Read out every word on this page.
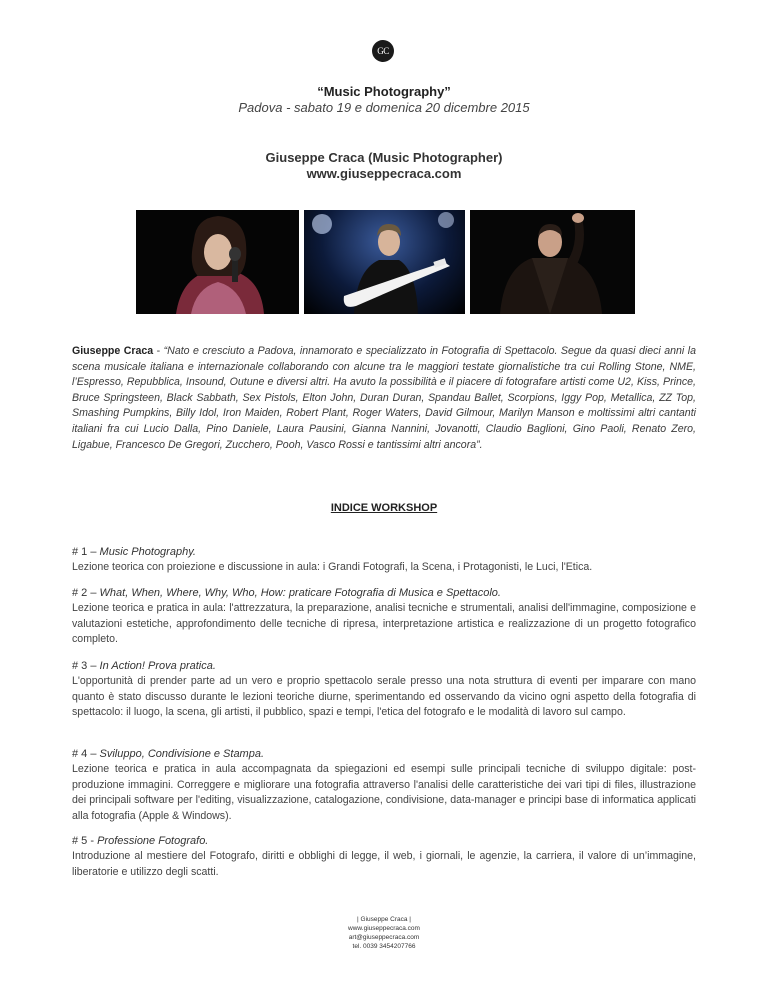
GC
“Music Photography”
Padova - sabato 19 e domenica 20 dicembre 2015
Giuseppe Craca (Music Photographer)
www.giuseppecraca.com
Giuseppe Craca - “Nato e cresciuto a Padova, innamorato e specializzato in Fotografia di Spettacolo. Segue da quasi dieci anni la scena musicale italiana e internazionale collaborando con alcune tra le maggiori testate giornalistiche tra cui Rolling Stone, NME, l’Espresso, Repubblica, Insound, Outune e diversi altri. Ha avuto la possibilità e il piacere di fotografare artisti come U2, Kiss, Prince, Bruce Springsteen, Black Sabbath, Sex Pistols, Elton John, Duran Duran, Spandau Ballet, Scorpions, Iggy Pop, Metallica, ZZ Top, Smashing Pumpkins, Billy Idol, Iron Maiden, Robert Plant, Roger Waters, David Gilmour, Marilyn Manson e moltissimi altri cantanti italiani fra cui Lucio Dalla, Pino Daniele, Laura Pausini, Gianna Nannini, Jovanotti, Claudio Baglioni, Gino Paoli, Renato Zero, Ligabue, Francesco De Gregori, Zucchero, Pooh, Vasco Rossi e tantissimi altri ancora”.
INDICE WORKSHOP
# 1 – Music Photography.
Lezione teorica con proiezione e discussione in aula: i Grandi Fotografi, la Scena, i Protagonisti, le Luci, l'Etica.
# 2 – What, When, Where, Why, Who, How: praticare Fotografia di Musica e Spettacolo.
Lezione teorica e pratica in aula: l'attrezzatura, la preparazione, analisi tecniche e strumentali, analisi dell'immagine, composizione e valutazioni estetiche, approfondimento delle tecniche di ripresa, interpretazione artistica e realizzazione di un progetto fotografico completo.
# 3 – In Action! Prova pratica.
L'opportunità di prender parte ad un vero e proprio spettacolo serale presso una nota struttura di eventi per imparare con mano quanto è stato discusso durante le lezioni teoriche diurne, sperimentando ed osservando da vicino ogni aspetto della fotografia di spettacolo: il luogo, la scena, gli artisti, il pubblico, spazi e tempi, l'etica del fotografo e le modalità di lavoro sul campo.
# 4 – Sviluppo, Condivisione e Stampa.
Lezione teorica e pratica in aula accompagnata da spiegazioni ed esempi sulle principali tecniche di sviluppo digitale: post-produzione immagini. Correggere e migliorare una fotografia attraverso l'analisi delle caratteristiche dei vari tipi di files, illustrazione dei principali software per l'editing, visualizzazione, catalogazione, condivisione, data-manager e principi base di informatica applicati alla fotografia (Apple & Windows).
# 5 - Professione Fotografo.
Introduzione al mestiere del Fotografo, diritti e obblighi di legge, il web, i giornali, le agenzie, la carriera, il valore di un’immagine, liberatorie e utilizzo degli scatti.
| Giuseppe Craca |
www.giuseppecraca.com
art@giuseppecraca.com
tel. 0039 3454207766
